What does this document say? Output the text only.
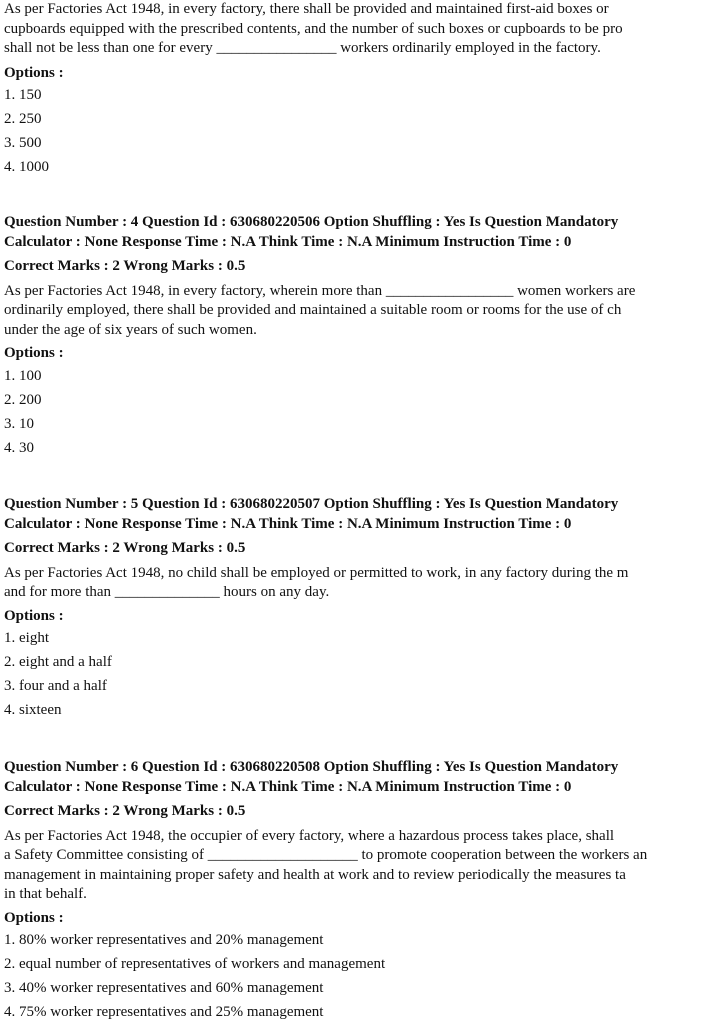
As per Factories Act 1948, in every factory, there shall be provided and maintained first-aid boxes or
cupboards equipped with the prescribed contents, and the number of such boxes or cupboards to be pro
shall not be less than one for every ________________ workers ordinarily employed in the factory.
Options :
1. 150
2. 250
3. 500
4. 1000
Question Number : 4 Question Id : 630680220506 Option Shuffling : Yes Is Question Mandatory
Calculator : None Response Time : N.A Think Time : N.A Minimum Instruction Time : 0
Correct Marks : 2 Wrong Marks : 0.5
As per Factories Act 1948, in every factory, wherein more than _________________ women workers are
ordinarily employed, there shall be provided and maintained a suitable room or rooms for the use of ch
under the age of six years of such women.
Options :
1. 100
2. 200
3. 10
4. 30
Question Number : 5 Question Id : 630680220507 Option Shuffling : Yes Is Question Mandatory
Calculator : None Response Time : N.A Think Time : N.A Minimum Instruction Time : 0
Correct Marks : 2 Wrong Marks : 0.5
As per Factories Act 1948, no child shall be employed or permitted to work, in any factory during the m
and for more than ______________ hours on any day.
Options :
1. eight
2. eight and a half
3. four and a half
4. sixteen
Question Number : 6 Question Id : 630680220508 Option Shuffling : Yes Is Question Mandatory
Calculator : None Response Time : N.A Think Time : N.A Minimum Instruction Time : 0
Correct Marks : 2 Wrong Marks : 0.5
As per Factories Act 1948, the occupier of every factory, where a hazardous process takes place, shall
a Safety Committee consisting of ____________________ to promote cooperation between the workers an
management in maintaining proper safety and health at work and to review periodically the measures ta
in that behalf.
Options :
1. 80% worker representatives and 20% management
2. equal number of representatives of workers and management
3. 40% worker representatives and 60% management
4. 75% worker representatives and 25% management
